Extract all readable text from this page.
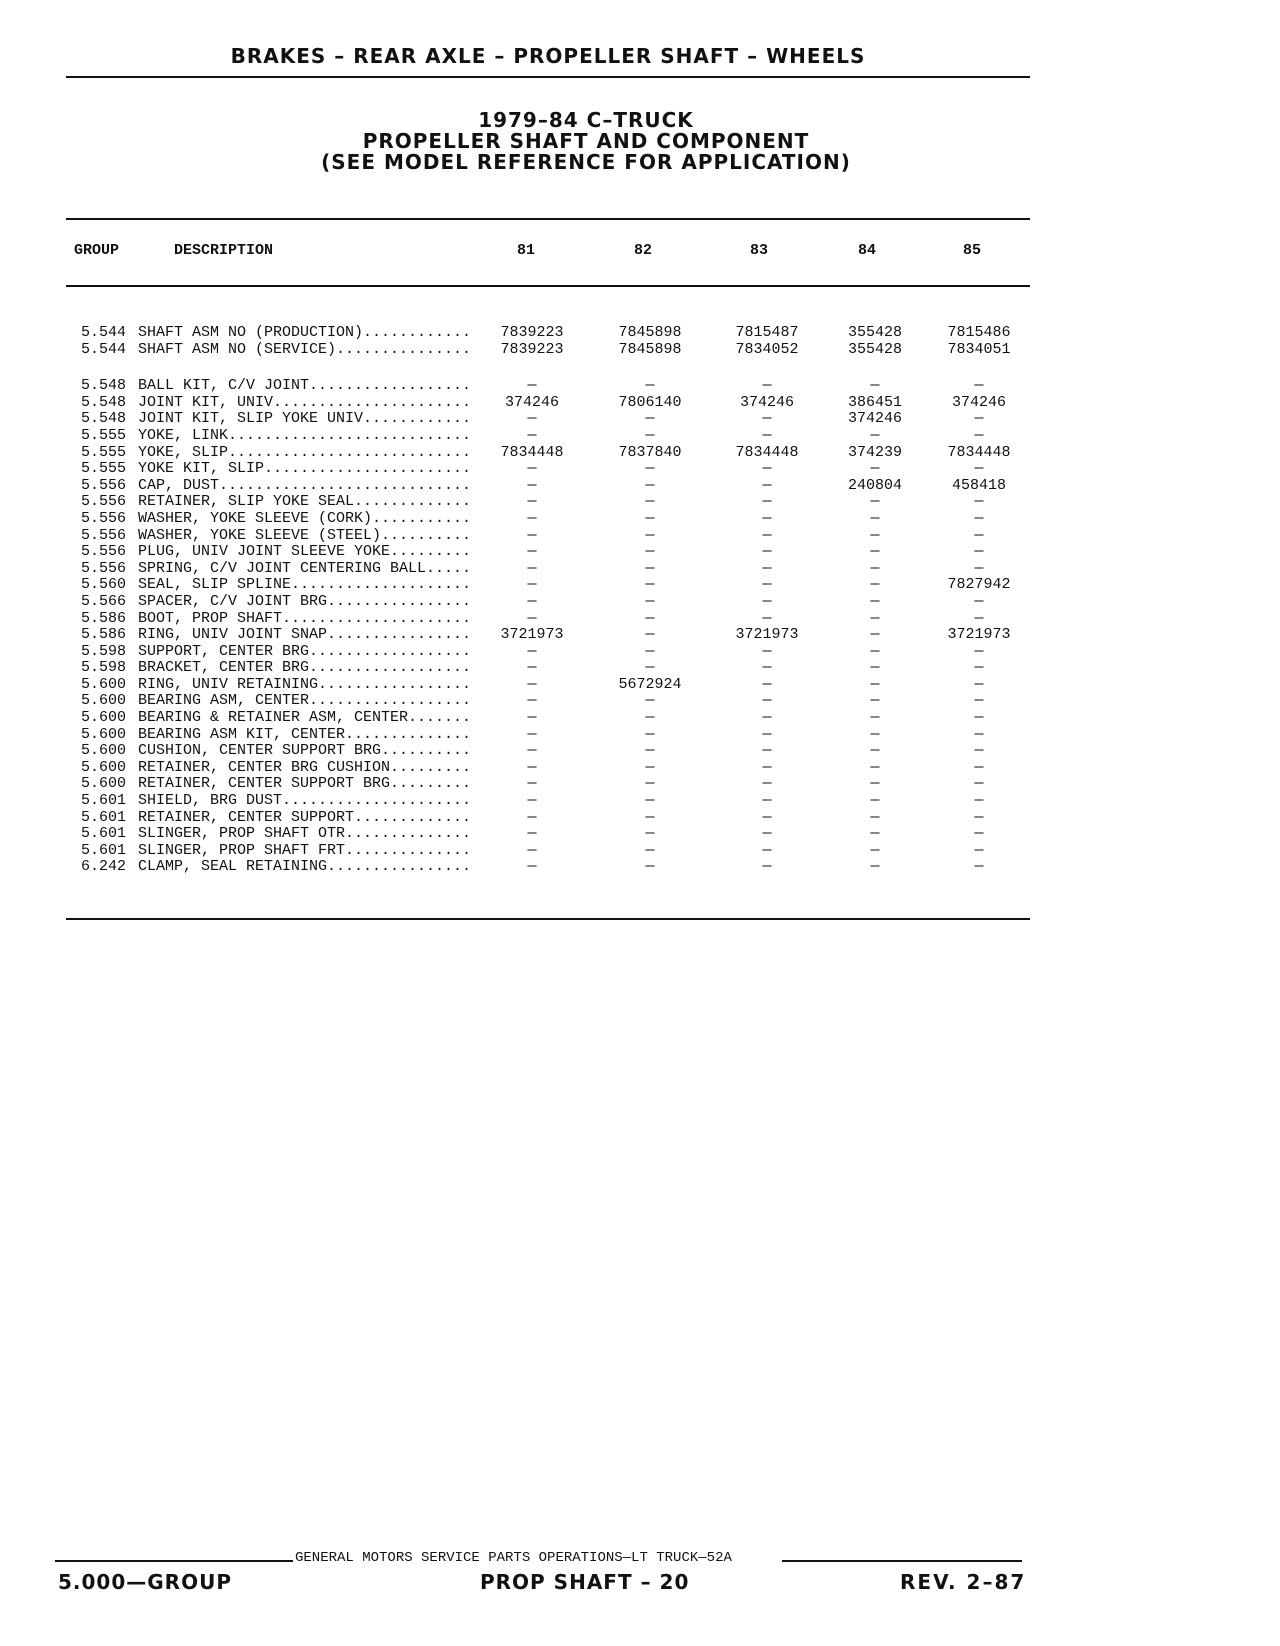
BRAKES – REAR AXLE – PROPELLER SHAFT – WHEELS
1979–84 C–TRUCK
PROPELLER SHAFT AND COMPONENT
(SEE MODEL REFERENCE FOR APPLICATION)
GROUP	DESCRIPTION	81	82	83	84	85
5.544 SHAFT ASM NO (PRODUCTION)............	7839223	7845898	7815487	355428	7815486
5.544 SHAFT ASM NO (SERVICE)...............	7839223	7845898	7834052	355428	7834051
5.548 BALL KIT, C/V JOINT..................	—	—	—	—	—
5.548 JOINT KIT, UNIV......................	374246	7806140	374246	386451	374246
5.548 JOINT KIT, SLIP YOKE UNIV............	—	—	—	374246	—
5.555 YOKE, LINK...........................	—	—	—	—	—
5.555 YOKE, SLIP...........................	7834448	7837840	7834448	374239	7834448
5.555 YOKE KIT, SLIP.......................	—	—	—	—	—
5.556 CAP, DUST............................	—	—	—	240804	458418
5.556 RETAINER, SLIP YOKE SEAL.............	—	—	—	—	—
5.556 WASHER, YOKE SLEEVE (CORK)...........	—	—	—	—	—
5.556 WASHER, YOKE SLEEVE (STEEL)..........	—	—	—	—	—
5.556 PLUG, UNIV JOINT SLEEVE YOKE.........	—	—	—	—	—
5.556 SPRING, C/V JOINT CENTERING BALL.....	—	—	—	—	—
5.560 SEAL, SLIP SPLINE....................	—	—	—	—	7827942
5.566 SPACER, C/V JOINT BRG................	—	—	—	—	—
5.586 BOOT, PROP SHAFT.....................	—	—	—	—	—
5.586 RING, UNIV JOINT SNAP................	3721973	—	3721973	—	3721973
5.598 SUPPORT, CENTER BRG..................	—	—	—	—	—
5.598 BRACKET, CENTER BRG..................	—	—	—	—	—
5.600 RING, UNIV RETAINING.................	—	5672924	—	—	—
5.600 BEARING ASM, CENTER..................	—	—	—	—	—
5.600 BEARING & RETAINER ASM, CENTER.......	—	—	—	—	—
5.600 BEARING ASM KIT, CENTER..............	—	—	—	—	—
5.600 CUSHION, CENTER SUPPORT BRG..........	—	—	—	—	—
5.600 RETAINER, CENTER BRG CUSHION.........	—	—	—	—	—
5.600 RETAINER, CENTER SUPPORT BRG.........	—	—	—	—	—
5.601 SHIELD, BRG DUST.....................	—	—	—	—	—
5.601 RETAINER, CENTER SUPPORT.............	—	—	—	—	—
5.601 SLINGER, PROP SHAFT OTR..............	—	—	—	—	—
5.601 SLINGER, PROP SHAFT FRT..............	—	—	—	—	—
6.242 CLAMP, SEAL RETAINING................	—	—	—	—	—
GENERAL MOTORS SERVICE PARTS OPERATIONS—LT TRUCK—52A
5.000—GROUP	PROP SHAFT – 20	REV. 2–87
